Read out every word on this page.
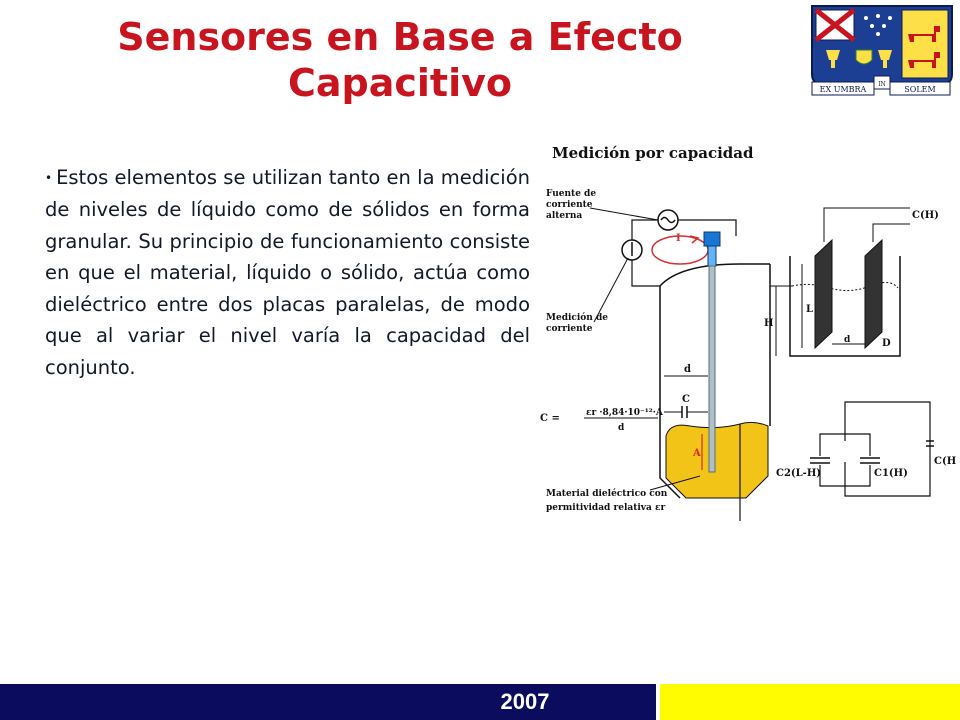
Sensores en Base a Efecto
Capacitivo	EX UMBRA
IN
SOLEM
• Estos elementos se utilizan tanto en la medición de niveles de líquido como de sólidos en forma granular. Su principio de funcionamiento consiste en que el material, líquido o sólido, actúa como dieléctrico entre dos placas paralelas, de modo que al variar el nivel varía la capacidad del conjunto.
Medición por capacidad
Fuente de
corriente
alterna
I
Medición de
corriente
d
C
A
C =	εr ·8,84·10⁻¹²·A
d
Material dieléctrico con
permitividad relativa εr
C(H)
H
L
d	D
C(H
C2(L-H)	C1(H)
2007
